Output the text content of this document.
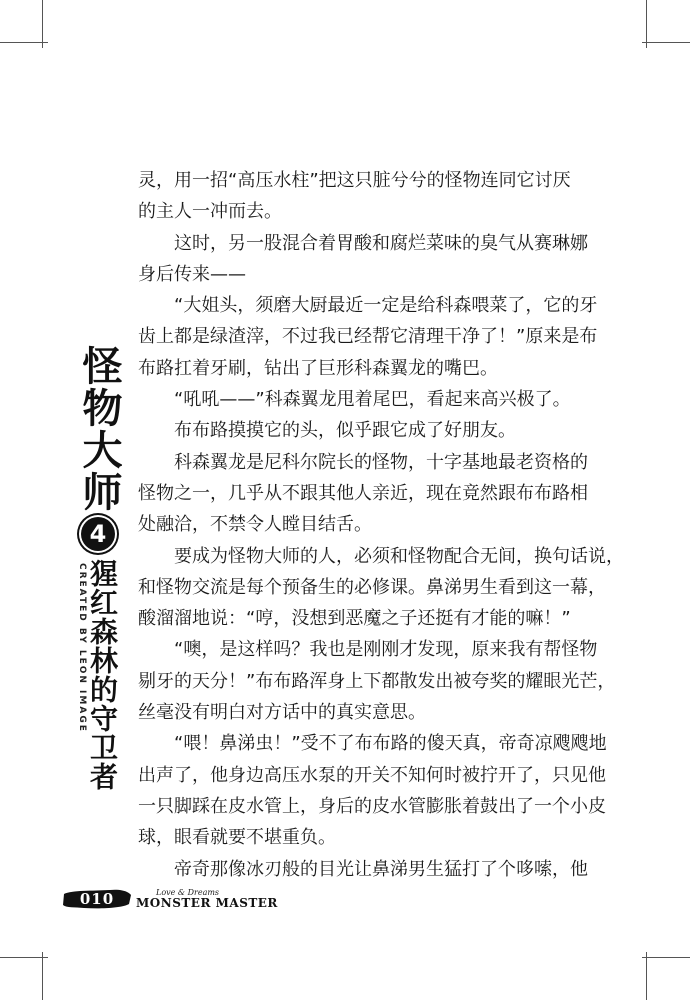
怪物大师
4
CREATED BY LEON IMAGE 猩红森林的守卫者
灵，用一招“高压水柱”把这只脏兮兮的怪物连同它讨厌
的主人一冲而去。
　　这时，另一股混合着胃酸和腐烂菜味的臭气从赛琳娜
身后传来——
　　“大姐头，须磨大厨最近一定是给科森喂菜了，它的牙
齿上都是绿渣滓，不过我已经帮它清理干净了！”原来是布
布路扛着牙刷，钻出了巨形科森翼龙的嘴巴。
　　“吼吼——”科森翼龙甩着尾巴，看起来高兴极了。
　　布布路摸摸它的头，似乎跟它成了好朋友。
　　科森翼龙是尼科尔院长的怪物，十字基地最老资格的
怪物之一，几乎从不跟其他人亲近，现在竟然跟布布路相
处融洽，不禁令人瞠目结舌。
　　要成为怪物大师的人，必须和怪物配合无间，换句话说，
和怪物交流是每个预备生的必修课。鼻涕男生看到这一幕，
酸溜溜地说：“哼，没想到恶魔之子还挺有才能的嘛！”
　　“噢，是这样吗？我也是刚刚才发现，原来我有帮怪物
剔牙的天分！”布布路浑身上下都散发出被夸奖的耀眼光芒，
丝毫没有明白对方话中的真实意思。
　　“喂！鼻涕虫！”受不了布布路的傻天真，帝奇凉飕飕地
出声了，他身边高压水泵的开关不知何时被拧开了，只见他
一只脚踩在皮水管上，身后的皮水管膨胀着鼓出了一个小皮
球，眼看就要不堪重负。
　　帝奇那像冰刃般的目光让鼻涕男生猛打了个哆嗦，他
010	Love & Dreams
MONSTER MASTER
